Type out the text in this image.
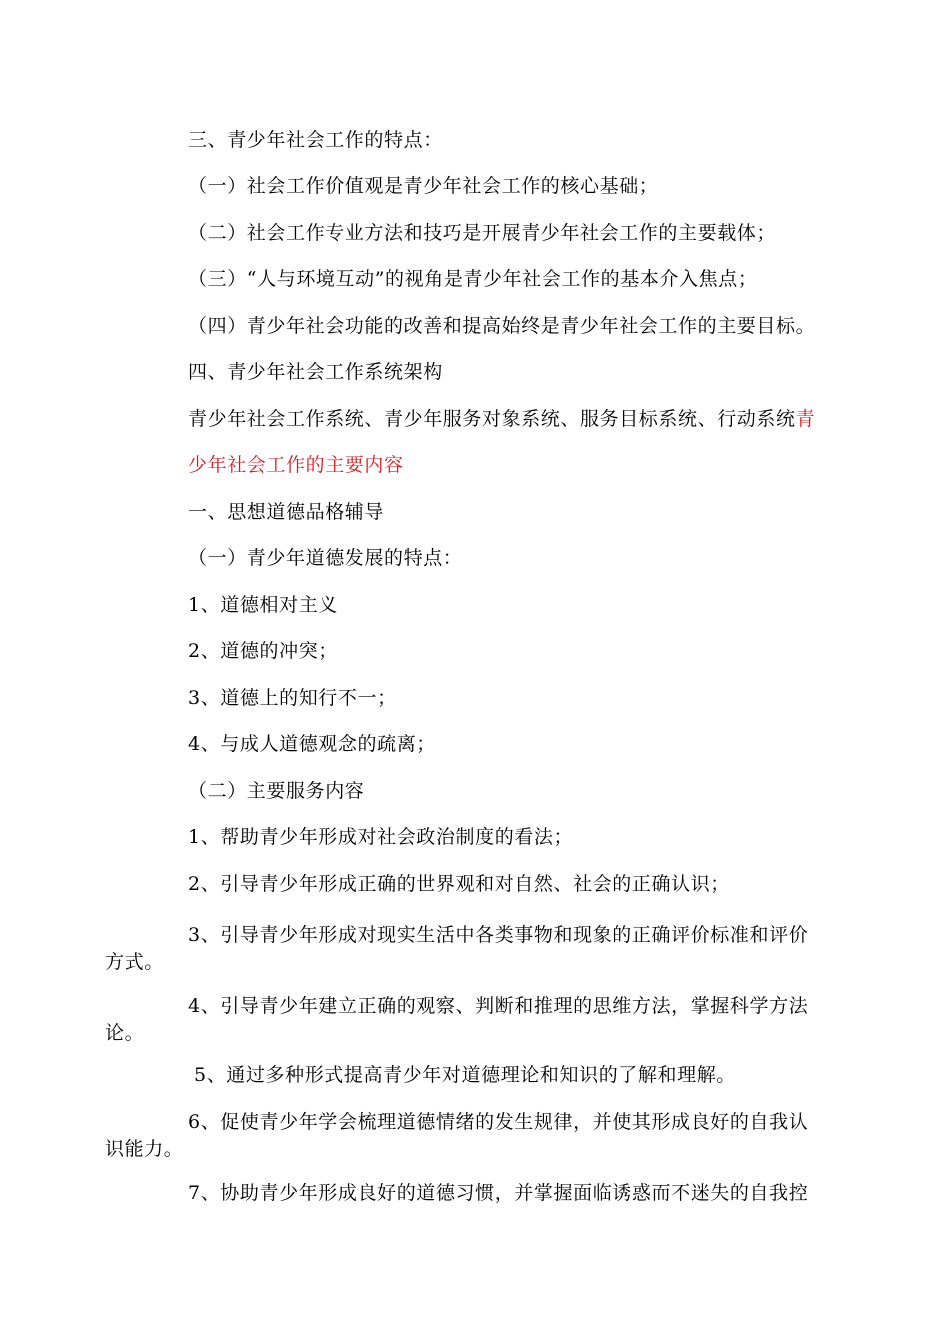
三、青少年社会工作的特点：
（一）社会工作价值观是青少年社会工作的核心基础；
（二）社会工作专业方法和技巧是开展青少年社会工作的主要载体；
（三）“人与环境互动”的视角是青少年社会工作的基本介入焦点；
（四）青少年社会功能的改善和提高始终是青少年社会工作的主要目标。
四、青少年社会工作系统架构
青少年社会工作系统、青少年服务对象系统、服务目标系统、行动系统青
少年社会工作的主要内容
一、思想道德品格辅导
（一）青少年道德发展的特点：
1、道德相对主义
2、道德的冲突；
3、道德上的知行不一；
4、与成人道德观念的疏离；
（二）主要服务内容
1、帮助青少年形成对社会政治制度的看法；
2、引导青少年形成正确的世界观和对自然、社会的正确认识；
3、引导青少年形成对现实生活中各类事物和现象的正确评价标准和评价
方式。
4、引导青少年建立正确的观察、判断和推理的思维方法，掌握科学方法
论。
5、通过多种形式提高青少年对道德理论和知识的了解和理解。
6、促使青少年学会梳理道德情绪的发生规律，并使其形成良好的自我认
识能力。
7、协助青少年形成良好的道德习惯，并掌握面临诱惑而不迷失的自我控
